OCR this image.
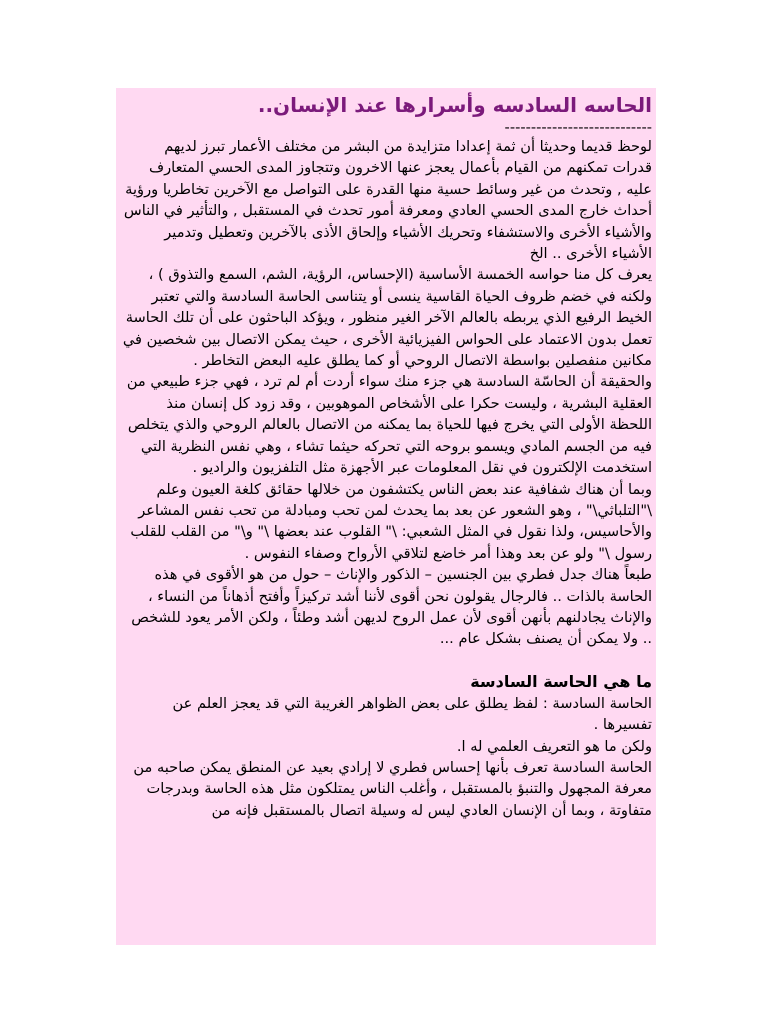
الحاسه السادسه وأسرارها عند الإنسان..

----------------------------

لوحظ قديما وحديثا أن ثمة إعدادا متزايدة من البشر من مختلف الأعمار تبرز لديهم قدرات تمكنهم من القيام بأعمال يعجز عنها الاخرون وتتجاوز المدى الحسي المتعارف عليه , وتحدث من غير وسائط حسية منها القدرة على التواصل مع الآخرين تخاطريا ورؤية أحداث خارج المدى الحسي العادي ومعرفة أمور تحدث في المستقبل , والتأثير في الناس والأشياء الأخرى والاستشفاء وتحريك الأشياء وإلحاق الأذى بالآخرين وتعطيل وتدمير الأشياء الأخرى .. الخ

يعرف كل منا حواسه الخمسة الأساسية (الإحساس، الرؤية، الشم، السمع والتذوق ) ، ولكنه في خضم ظروف الحياة القاسية ينسى أو يتناسى الحاسة السادسة والتي تعتبر الخيط الرفيع الذي يربطه بالعالم الآخر الغير منظور ، ويؤكد الباحثون على أن تلك الحاسة تعمل بدون الاعتماد على الحواس الفيزيائية الأخرى ، حيث يمكن الاتصال بين شخصين في مكانين منفصلين بواسطة الاتصال الروحي أو كما يطلق عليه البعض التخاطر .

والحقيقة أن الحاسّة السادسة هي جزء منك سواء أردت أم لم ترد ، فهي جزء طبيعي من العقلية البشرية ، وليست حكرا على الأشخاص الموهوبين ، وقد زود كل إنسان منذ اللحظة الأولى التي يخرج فيها للحياة بما يمكنه من الاتصال بالعالم الروحي والذي يتخلص فيه من الجسم المادي ويسمو بروحه التي تحركه حيثما تشاء ، وهي نفس النظرية التي استخدمت الإلكترون في نقل المعلومات عبر الأجهزة مثل التلفزيون والراديو .

وبما أن هناك شفافية عند بعض الناس يكتشفون من خلالها حقائق كلغة العيون وعلم \"التلباثي\" ، وهو الشعور عن بعد بما يحدث لمن تحب ومبادلة من تحب نفس المشاعر والأحاسيس، ولذا نقول في المثل الشعبي: \" القلوب عند بعضها \" و\" من القلب للقلب رسول \" ولو عن بعد وهذا أمر خاضع لتلاقي الأرواح وصفاء النفوس .

طبعاً هناك جدل فطري بين الجنسين – الذكور والإناث – حول من هو الأقوى في هذه الحاسة بالذات .. فالرجال يقولون نحن أقوى لأننا أشد تركيزاً وأفتح أذهاناً من النساء ، والإناث يجادلنهم بأنهن أقوى لأن عمل الروح لديهن أشد وطئاً ، ولكن الأمر يعود للشخص .. ولا يمكن أن يصنف بشكل عام ...

ما هي الحاسة السادسة

الحاسة السادسة : لفظ يطلق على بعض الظواهر الغريبة التي قد يعجز العلم عن تفسيرها .

ولكن ما هو التعريف العلمي له ا.

الحاسة السادسة تعرف بأنها إحساس فطري لا إرادي بعيد عن المنطق يمكن صاحبه من معرفة المجهول والتنبؤ بالمستقبل ، وأغلب الناس يمتلكون مثل هذه الحاسة وبدرجات متفاوتة ، وبما أن الإنسان العادي ليس له وسيلة اتصال بالمستقبل فإنه من
